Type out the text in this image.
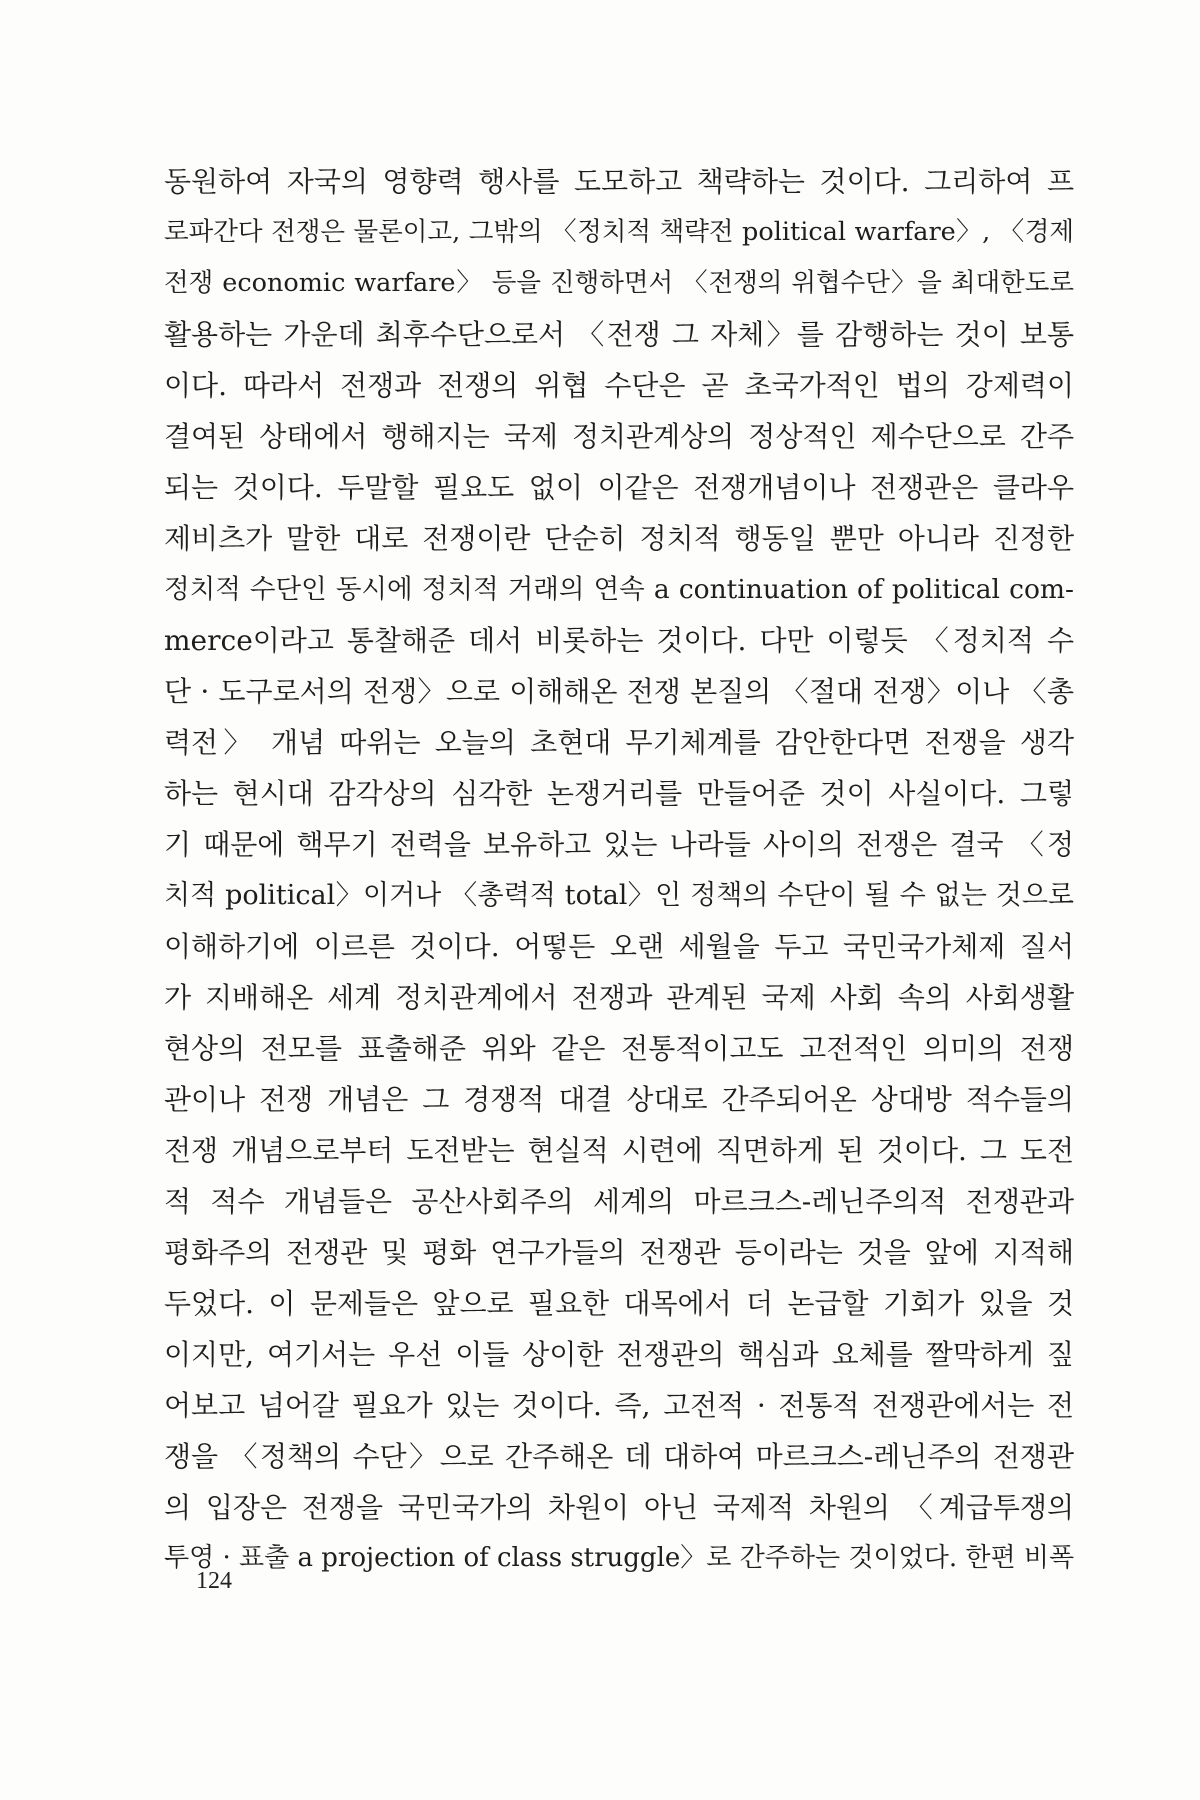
동원하여 자국의 영향력 행사를 도모하고 책략하는 것이다. 그리하여 프
로파간다 전쟁은 물론이고, 그밖의 〈정치적 책략전 political warfare〉, 〈경제
전쟁 economic warfare〉 등을 진행하면서 〈전쟁의 위협수단〉을 최대한도로
활용하는 가운데 최후수단으로서 〈전쟁 그 자체〉를 감행하는 것이 보통
이다. 따라서 전쟁과 전쟁의 위협 수단은 곧 초국가적인 법의 강제력이
결여된 상태에서 행해지는 국제 정치관계상의 정상적인 제수단으로 간주
되는 것이다. 두말할 필요도 없이 이같은 전쟁개념이나 전쟁관은 클라우
제비츠가 말한 대로 전쟁이란 단순히 정치적 행동일 뿐만 아니라 진정한
정치적 수단인 동시에 정치적 거래의 연속 a continuation of political com-
merce이라고 통찰해준 데서 비롯하는 것이다. 다만 이렇듯 〈정치적 수
단 · 도구로서의 전쟁〉으로 이해해온 전쟁 본질의 〈절대 전쟁〉이나 〈총
력전〉 개념 따위는 오늘의 초현대 무기체계를 감안한다면 전쟁을 생각
하는 현시대 감각상의 심각한 논쟁거리를 만들어준 것이 사실이다. 그렇
기 때문에 핵무기 전력을 보유하고 있는 나라들 사이의 전쟁은 결국 〈정
치적 political〉이거나 〈총력적 total〉인 정책의 수단이 될 수 없는 것으로
이해하기에 이르른 것이다. 어떻든 오랜 세월을 두고 국민국가체제 질서
가 지배해온 세계 정치관계에서 전쟁과 관계된 국제 사회 속의 사회생활
현상의 전모를 표출해준 위와 같은 전통적이고도 고전적인 의미의 전쟁
관이나 전쟁 개념은 그 경쟁적 대결 상대로 간주되어온 상대방 적수들의
전쟁 개념으로부터 도전받는 현실적 시련에 직면하게 된 것이다. 그 도전
적 적수 개념들은 공산사회주의 세계의 마르크스-레닌주의적 전쟁관과
평화주의 전쟁관 및 평화 연구가들의 전쟁관 등이라는 것을 앞에 지적해
두었다. 이 문제들은 앞으로 필요한 대목에서 더 논급할 기회가 있을 것
이지만, 여기서는 우선 이들 상이한 전쟁관의 핵심과 요체를 짤막하게 짚
어보고 넘어갈 필요가 있는 것이다. 즉, 고전적 · 전통적 전쟁관에서는 전
쟁을 〈정책의 수단〉으로 간주해온 데 대하여 마르크스-레닌주의 전쟁관
의 입장은 전쟁을 국민국가의 차원이 아닌 국제적 차원의 〈계급투쟁의
투영 · 표출 a projection of class struggle〉로 간주하는 것이었다. 한편 비폭
124
